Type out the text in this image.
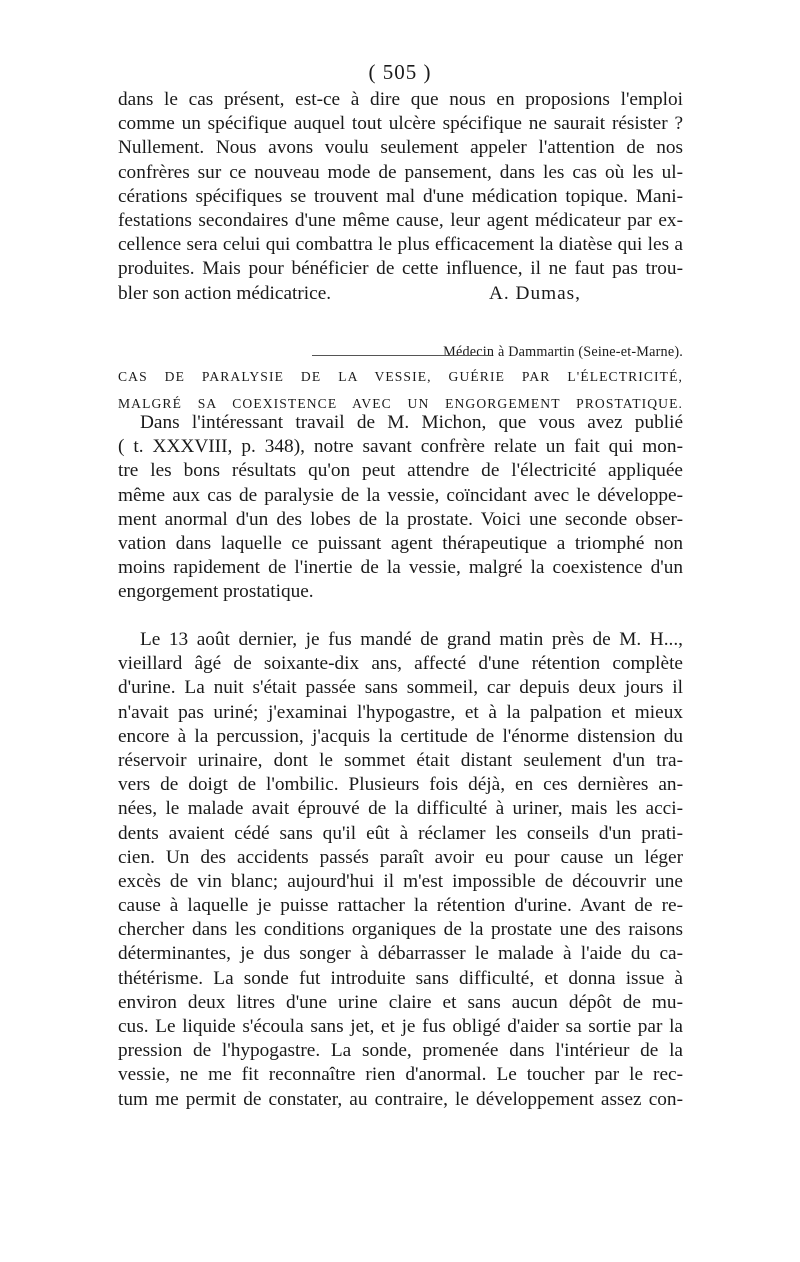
( 505 )
dans le cas présent, est-ce à dire que nous en proposions l'emploi
comme un spécifique auquel tout ulcère spécifique ne saurait résister ?
Nullement. Nous avons voulu seulement appeler l'attention de nos
confrères sur ce nouveau mode de pansement, dans les cas où les ul-
cérations spécifiques se trouvent mal d'une médication topique. Mani-
festations secondaires d'une même cause, leur agent médicateur par ex-
cellence sera celui qui combattra le plus efficacement la diatèse qui les a
produites. Mais pour bénéficier de cette influence, il ne faut pas trou-
bler son action médicatrice.	A. Dumas,
Médecin à Dammartin (Seine-et-Marne).
CAS DE PARALYSIE DE LA VESSIE, GUÉRIE PAR L'ÉLECTRICITÉ,
MALGRÉ SA COEXISTENCE AVEC UN ENGORGEMENT PROSTATIQUE.
Dans l'intéressant travail de M. Michon, que vous avez publié
( t. XXXVIII, p. 348), notre savant confrère relate un fait qui mon-
tre les bons résultats qu'on peut attendre de l'électricité appliquée
même aux cas de paralysie de la vessie, coïncidant avec le développe-
ment anormal d'un des lobes de la prostate. Voici une seconde obser-
vation dans laquelle ce puissant agent thérapeutique a triomphé non
moins rapidement de l'inertie de la vessie, malgré la coexistence d'un
engorgement prostatique.
Le 13 août dernier, je fus mandé de grand matin près de M. H...,
vieillard âgé de soixante-dix ans, affecté d'une rétention complète
d'urine. La nuit s'était passée sans sommeil, car depuis deux jours il
n'avait pas uriné; j'examinai l'hypogastre, et à la palpation et mieux
encore à la percussion, j'acquis la certitude de l'énorme distension du
réservoir urinaire, dont le sommet était distant seulement d'un tra-
vers de doigt de l'ombilic. Plusieurs fois déjà, en ces dernières an-
nées, le malade avait éprouvé de la difficulté à uriner, mais les acci-
dents avaient cédé sans qu'il eût à réclamer les conseils d'un prati-
cien. Un des accidents passés paraît avoir eu pour cause un léger
excès de vin blanc; aujourd'hui il m'est impossible de découvrir une
cause à laquelle je puisse rattacher la rétention d'urine. Avant de re-
chercher dans les conditions organiques de la prostate une des raisons
déterminantes, je dus songer à débarrasser le malade à l'aide du ca-
thétérisme. La sonde fut introduite sans difficulté, et donna issue à
environ deux litres d'une urine claire et sans aucun dépôt de mu-
cus. Le liquide s'écoula sans jet, et je fus obligé d'aider sa sortie par la
pression de l'hypogastre. La sonde, promenée dans l'intérieur de la
vessie, ne me fit reconnaître rien d'anormal. Le toucher par le rec-
tum me permit de constater, au contraire, le développement assez con-
